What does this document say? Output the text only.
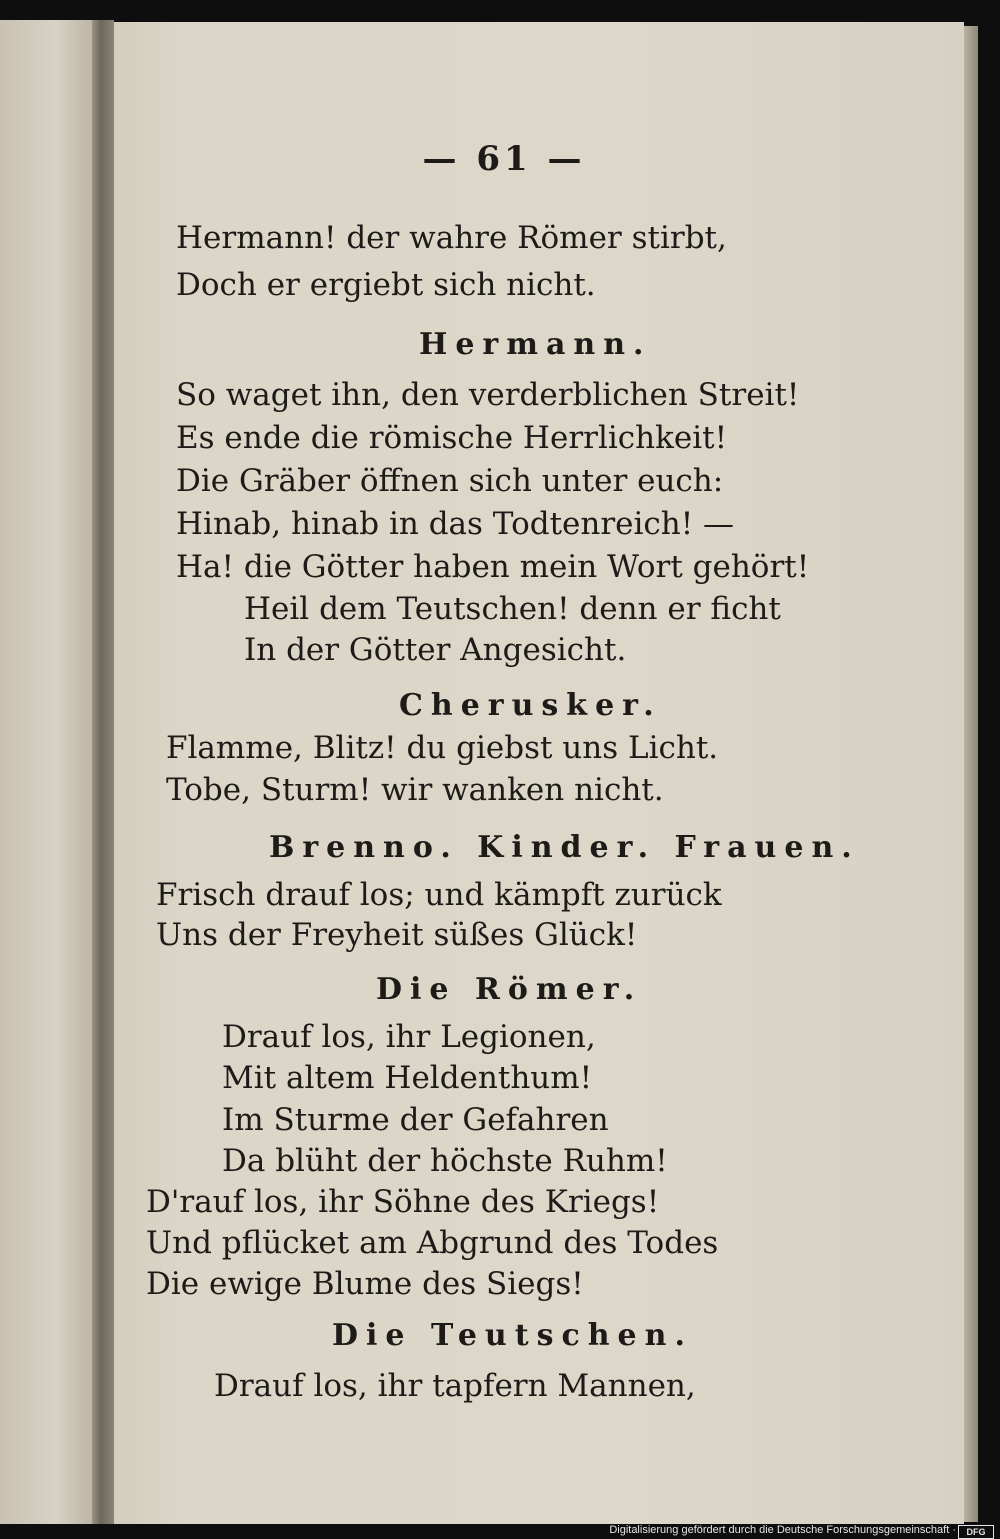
— 61 —
Hermann! der wahre Römer stirbt,
Doch er ergiebt sich nicht.
Hermann.
So waget ihn, den verderblichen Streit!
Es ende die römische Herrlichkeit!
Die Gräber öffnen sich unter euch:
Hinab, hinab in das Todtenreich! —
Ha! die Götter haben mein Wort gehört!
Heil dem Teutschen! denn er ficht
In der Götter Angesicht.
Cherusker.
Flamme, Blitz! du giebst uns Licht.
Tobe, Sturm! wir wanken nicht.
Brenno. Kinder. Frauen.
Frisch drauf los; und kämpft zurück
Uns der Freyheit süßes Glück!
Die Römer.
Drauf los, ihr Legionen,
Mit altem Heldenthum!
Im Sturme der Gefahren
Da blüht der höchste Ruhm!
D'rauf los, ihr Söhne des Kriegs!
Und pflücket am Abgrund des Todes
Die ewige Blume des Siegs!
Die Teutschen.
Drauf los, ihr tapfern Mannen,
Digitalisierung gefördert durch die Deutsche Forschungsgemeinschaft ·	DFG
